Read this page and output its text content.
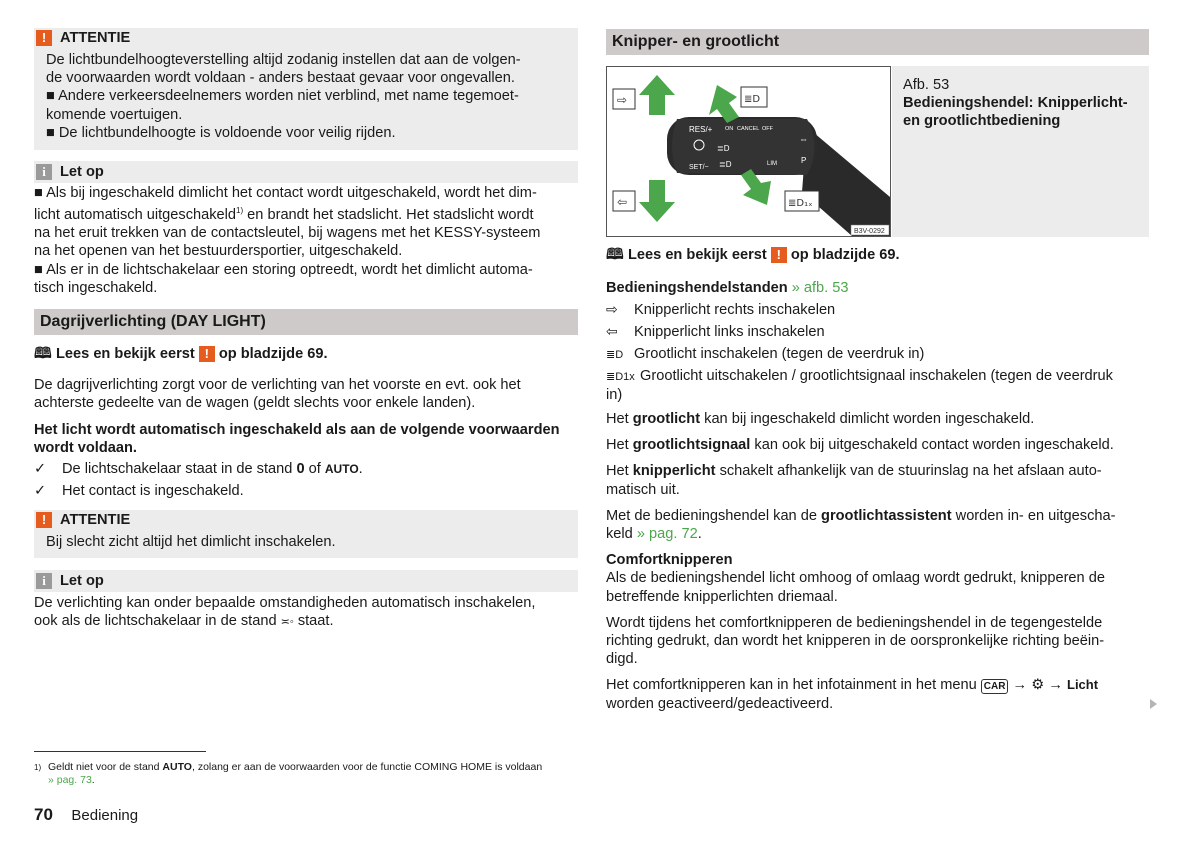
! ATTENTIE

De lichtbundelhoogteverstelling altijd zodanig instellen dat aan de volgen-

de voorwaarden wordt voldaan - anders bestaat gevaar voor ongevallen.

■ Andere verkeersdeelnemers worden niet verblind, met name tegemoet-

komende voertuigen.

■ De lichtbundelhoogte is voldoende voor veilig rijden.

i Let op

■ Als bij ingeschakeld dimlicht het contact wordt uitgeschakeld, wordt het dim-

licht automatisch uitgeschakeld$^{1)}$ en brandt het stadslicht. Het stadslicht wordt

na het eruit trekken van de contactsleutel, bij wagens met het KESSY-systeem

na het openen van het bestuurdersportier, uitgeschakeld.

■ Als er in de lichtschakelaar een storing optreedt, wordt het dimlicht automa-

tisch ingeschakeld.

Dagrijverlichting (DAY LIGHT)

🕮 Lees en bekijk eerst ! op bladzijde 69.

De dagrijverlichting zorgt voor de verlichting van het voorste en evt. ook het

achterste gedeelte van de wagen (geldt slechts voor enkele landen).

Het licht wordt automatisch ingeschakeld als aan de volgende voorwaarden

wordt voldaan.

✓ De lichtschakelaar staat in de stand 0 of AUTO.

✓ Het contact is ingeschakeld.

! ATTENTIE

Bij slecht zicht altijd het dimlicht inschakelen.

i Let op

De verlichting kan onder bepaalde omstandigheden automatisch inschakelen,

ook als de lichtschakelaar in de stand ≍◦ staat.

1) Geldt niet voor de stand AUTO, zolang er aan de voorwaarden voor de functie COMING HOME is voldaan
» pag. 73.
70 Bediening
Knipper- en grootlicht
RES/+ ON CANCEL OFF
≣D
SET/− ≣D	LIM
⇔
P
⇨
⇦
≣D
≣D₁ₓ
B3V-0292

Afb. 53

Bedieningshendel: Knipperlicht-

en grootlichtbediening

🕮 Lees en bekijk eerst ! op bladzijde 69.

Bedieningshendelstanden » afb. 53

⇨ Knipperlicht rechts inschakelen

⇦ Knipperlicht links inschakelen

≣D Grootlicht inschakelen (tegen de veerdruk in)

≣D1x Grootlicht uitschakelen / grootlichtsignaal inschakelen (tegen de veerdruk

in)

Het grootlicht kan bij ingeschakeld dimlicht worden ingeschakeld.

Het grootlichtsignaal kan ook bij uitgeschakeld contact worden ingeschakeld.

Het knipperlicht schakelt afhankelijk van de stuurinslag na het afslaan auto-

matisch uit.

Met de bedieningshendel kan de grootlichtassistent worden in- en uitgescha-

keld » pag. 72.

Comfortknipperen

Als de bedieningshendel licht omhoog of omlaag wordt gedrukt, knipperen de

betreffende knipperlichten driemaal.

Wordt tijdens het comfortknipperen de bedieningshendel in de tegengestelde

richting gedrukt, dan wordt het knipperen in de oorspronkelijke richting beëin-

digd.

Het comfortknipperen kan in het infotainment in het menu CAR → ⚙ → Licht

worden geactiveerd/gedeactiveerd.
